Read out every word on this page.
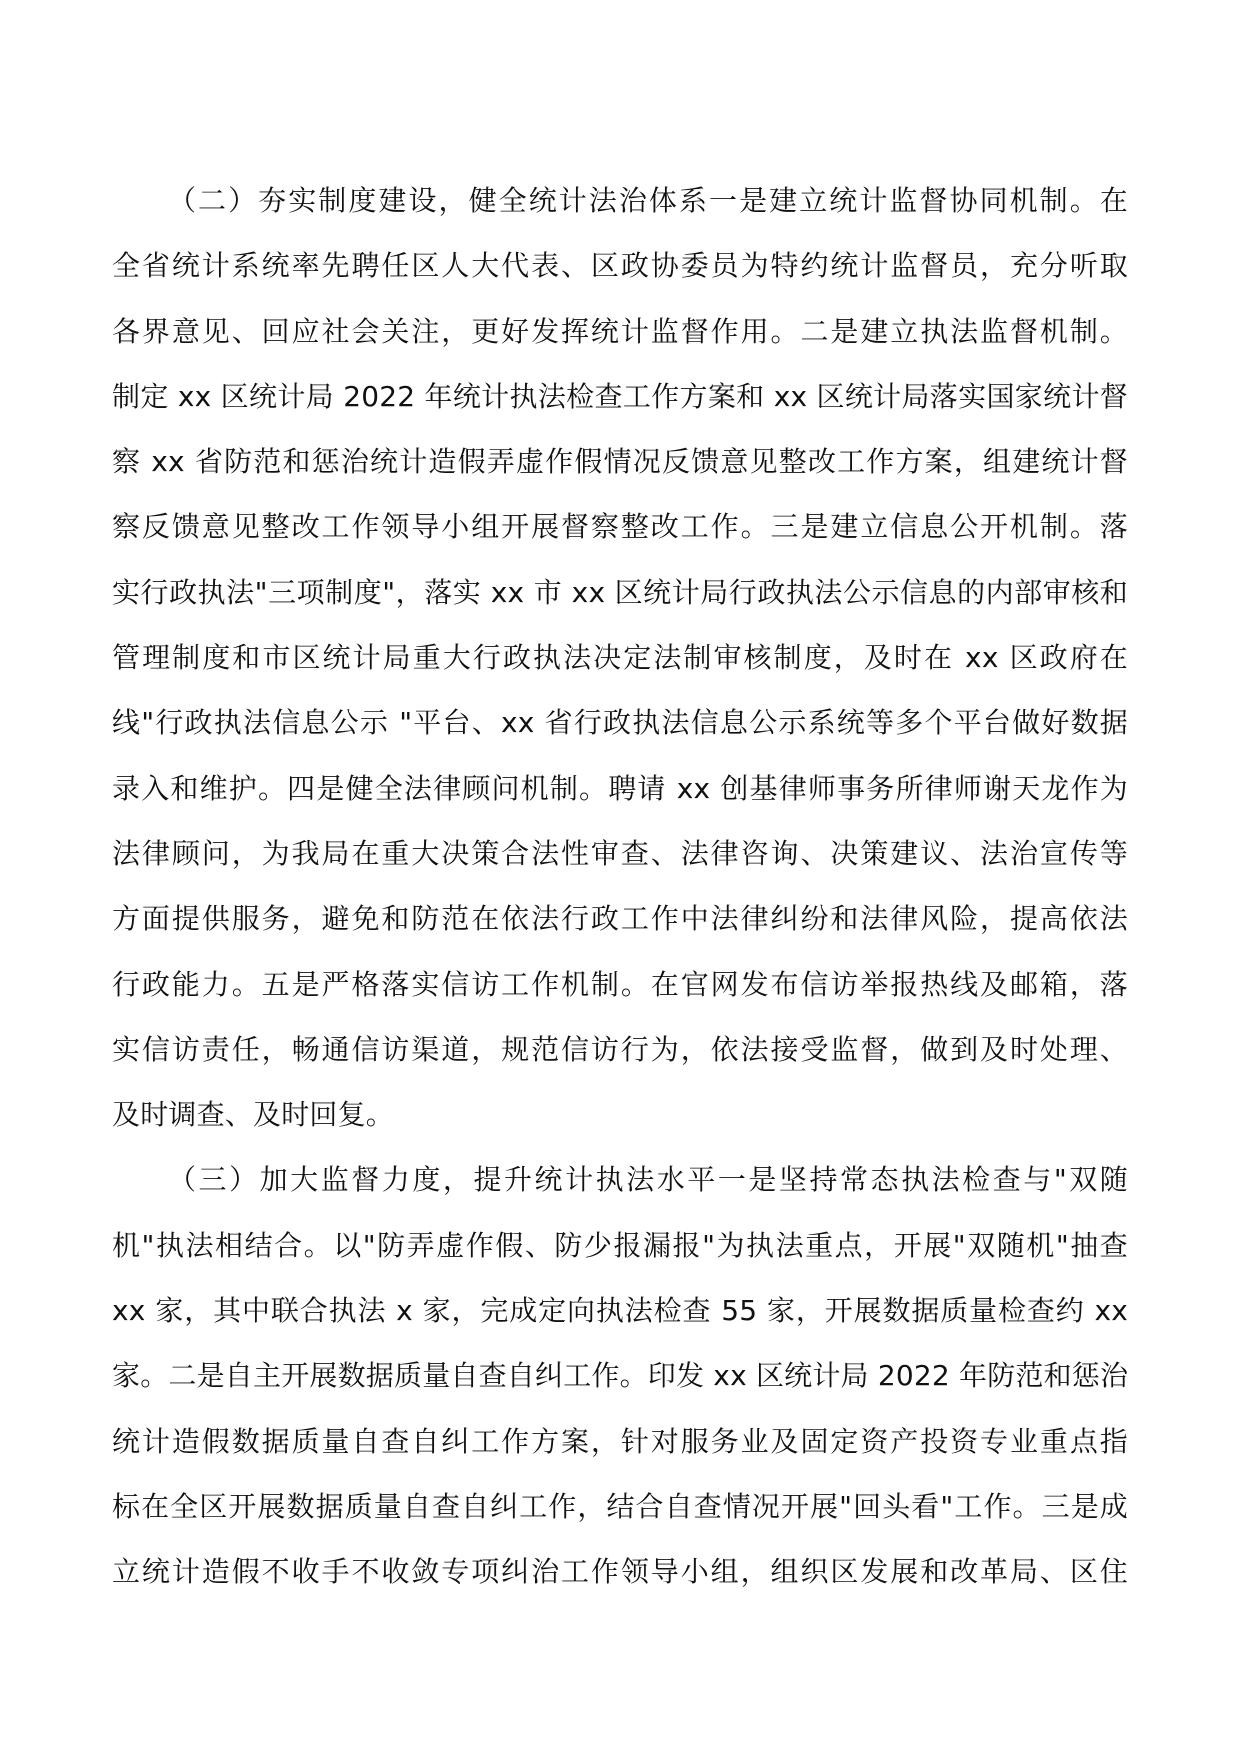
（二）夯实制度建设，健全统计法治体系一是建立统计监督协同机制。在
全省统计系统率先聘任区人大代表、区政协委员为特约统计监督员，充分听取
各界意见、回应社会关注，更好发挥统计监督作用。二是建立执法监督机制。
制定 xx 区统计局 2022 年统计执法检查工作方案和 xx 区统计局落实国家统计督
察 xx 省防范和惩治统计造假弄虚作假情况反馈意见整改工作方案，组建统计督
察反馈意见整改工作领导小组开展督察整改工作。三是建立信息公开机制。落
实行政执法"三项制度"，落实 xx 市 xx 区统计局行政执法公示信息的内部审核和
管理制度和市区统计局重大行政执法决定法制审核制度，及时在 xx 区政府在
线"行政执法信息公示 "平台、xx 省行政执法信息公示系统等多个平台做好数据
录入和维护。四是健全法律顾问机制。聘请 xx 创基律师事务所律师谢天龙作为
法律顾问，为我局在重大决策合法性审查、法律咨询、决策建议、法治宣传等
方面提供服务，避免和防范在依法行政工作中法律纠纷和法律风险，提高依法
行政能力。五是严格落实信访工作机制。在官网发布信访举报热线及邮箱，落
实信访责任，畅通信访渠道，规范信访行为，依法接受监督，做到及时处理、
及时调查、及时回复。

（三）加大监督力度，提升统计执法水平一是坚持常态执法检查与"双随
机"执法相结合。以"防弄虚作假、防少报漏报"为执法重点，开展"双随机"抽查
xx 家，其中联合执法 x 家，完成定向执法检查 55 家，开展数据质量检查约 xx
家。二是自主开展数据质量自查自纠工作。印发 xx 区统计局 2022 年防范和惩治
统计造假数据质量自查自纠工作方案，针对服务业及固定资产投资专业重点指
标在全区开展数据质量自查自纠工作，结合自查情况开展"回头看"工作。三是成
立统计造假不收手不收敛专项纠治工作领导小组，组织区发展和改革局、区住
